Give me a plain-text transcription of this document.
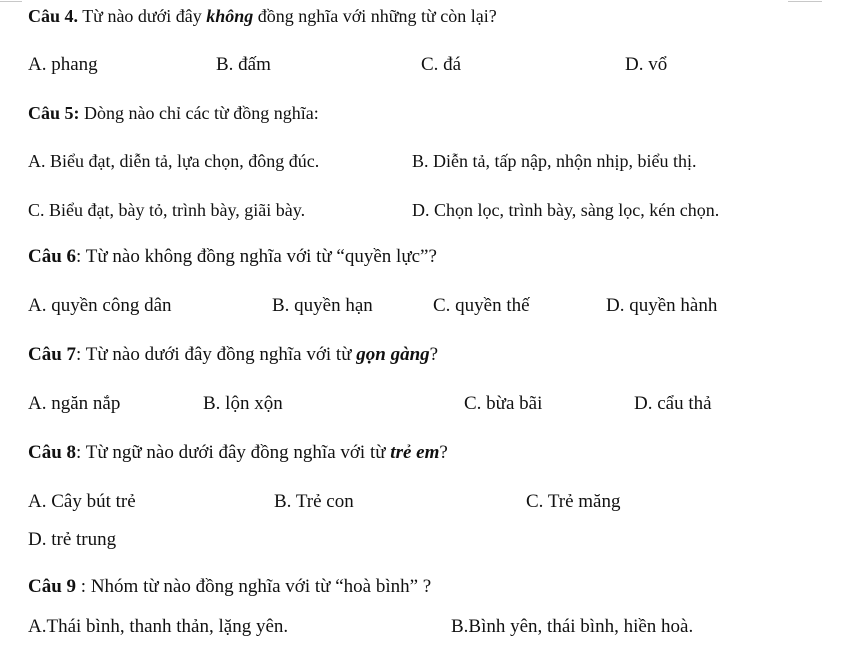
Câu 4. Từ nào dưới đây không đồng nghĩa với những từ còn lại?
A. phang	B. đấm	C. đá	D. vổ
Câu 5: Dòng nào chỉ các từ đồng nghĩa:
A. Biểu đạt, diễn tả, lựa chọn, đông đúc.	B. Diễn tả, tấp nập, nhộn nhịp, biểu thị.
C. Biểu đạt, bày tỏ, trình bày, giãi bày.	D. Chọn lọc, trình bày, sàng lọc, kén chọn.
Câu 6: Từ nào không đồng nghĩa với từ “quyền lực”?
A. quyền công dân	B. quyền hạn	C. quyền thế	D. quyền hành
Câu 7: Từ nào dưới đây đồng nghĩa với từ gọn gàng?
A. ngăn nắp	B. lộn xộn	C. bừa bãi	D. cẩu thả
Câu 8: Từ ngữ nào dưới đây đồng nghĩa với từ trẻ em?
A. Cây bút trẻ	B. Trẻ con	C. Trẻ măng
D. trẻ trung
Câu 9 : Nhóm từ nào đồng nghĩa với từ “hoà bình” ?
A.Thái bình, thanh thản, lặng yên.	B.Bình yên, thái bình, hiền hoà.
